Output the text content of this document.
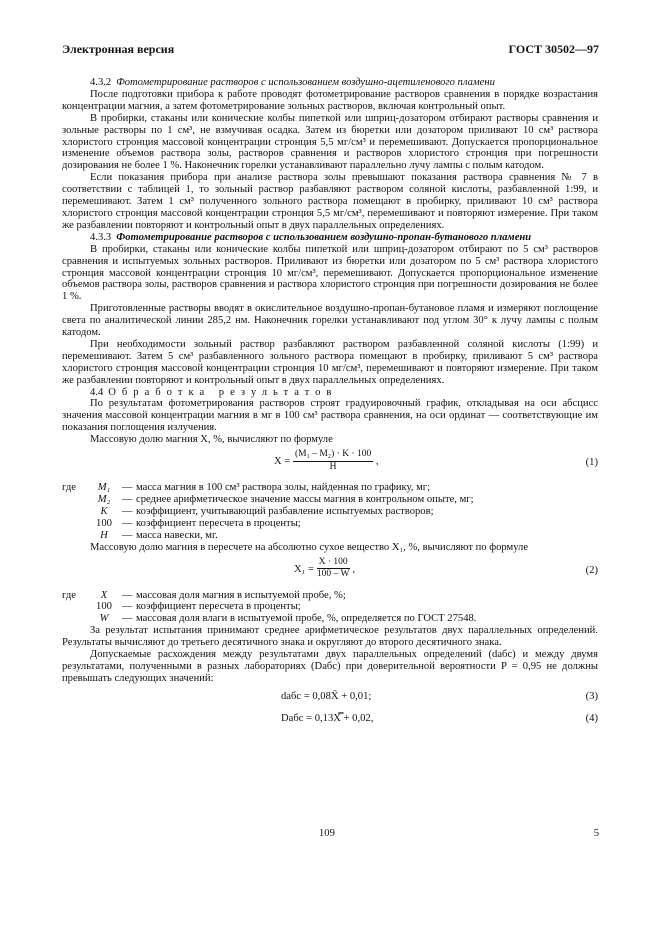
Электронная версия	ГОСТ 30502—97

4.3.2 Фотометрирование растворов с использованием воздушно-ацетиленового пламени

После подготовки прибора к работе проводят фотометрирование растворов сравнения в порядке возрастания концентрации магния, а затем фотометрирование зольных растворов, включая контрольный опыт.

В пробирки, стаканы или конические колбы пипеткой или шприц-дозатором отбирают растворы сравнения и зольные растворы по 1 см³, не взмучивая осадка. Затем из бюретки или дозатором приливают 10 см³ раствора хлористого стронция массовой концентрации стронция 5,5 мг/см³ и перемешивают. Допускается пропорциональное изменение объемов раствора золы, растворов сравнения и растворов хлористого стронция при погрешности дозирования не более 1 %. Наконечник горелки устанавливают параллельно лучу лампы с полым катодом.

Если показания прибора при анализе раствора золы превышают показания раствора сравнения № 7 в соответствии с таблицей 1, то зольный раствор разбавляют раствором соляной кислоты, разбавленной 1:99, и перемешивают. Затем 1 см³ полученного зольного раствора помещают в пробирку, приливают 10 см³ раствора хлористого стронция массовой концентрации стронция 5,5 мг/см³, перемешивают и повторяют измерение. При таком же разбавлении повторяют и контрольный опыт в двух параллельных определениях.

4.3.3 Фотометрирование растворов с использованием воздушно-пропан-бутанового пламени

В пробирки, стаканы или конические колбы пипеткой или шприц-дозатором отбирают по 5 см³ растворов сравнения и испытуемых зольных растворов. Приливают из бюретки или дозатором по 5 см³ раствора хлористого стронция массовой концентрации стронция 10 мг/см³, перемешивают. Допускается пропорциональное изменение объемов раствора золы, растворов сравнения и раствора хлористого стронция при погрешности дозирования не более 1 %.

Приготовленные растворы вводят в окислительное воздушно-пропан-бутановое пламя и измеряют поглощение света по аналитической линии 285,2 нм. Наконечник горелки устанавливают под углом 30° к лучу лампы с полым катодом.

При необходимости зольный раствор разбавляют раствором разбавленной соляной кислоты (1:99) и перемешивают. Затем 5 см³ разбавленного зольного раствора помещают в пробирку, приливают 5 см³ раствора хлористого стронция массовой концентрации стронция 10 мг/см³, перемешивают и повторяют измерение. При таком же разбавлении повторяют и контрольный опыт в двух параллельных определениях.

4.4 Обработка результатов

По результатам фотометрирования растворов строят градуировочный график, откладывая на оси абсцисс значения массовой концентрации магния в мг в 100 см³ раствора сравнения, на оси ординат — соответствующие им показания поглощения излучения.

Массовую долю магния X, %, вычисляют по формуле

$X = \frac{\text{(M₁ – M₂) · K · 100}}{H}$ ,	(1)
где	M₁	—	масса магния в 100 см³ раствора золы, найденная по графику, мг;
	M₂	—	среднее арифметическое значение массы магния в контрольном опыте, мг;
	K	—	коэффициент, учитывающий разбавление испытуемых растворов;
	100	—	коэффициент пересчета в проценты;
	H	—	масса навески, мг.

Массовую долю магния в пересчете на абсолютно сухое вещество X₁, %, вычисляют по формуле

$X_1 = \frac{X \cdot 100}{100 - W}$ ,	(2)
где	X	—	массовая доля магния в испытуемой пробе, %;
	100	—	коэффициент пересчета в проценты;
	W	—	массовая доля влаги в испытуемой пробе, %, определяется по ГОСТ 27548.

За результат испытания принимают среднее арифметическое результатов двух параллельных определений. Результаты вычисляют до третьего десятичного знака и округляют до второго десятичного знака.

Допускаемые расхождения между результатами двух параллельных определений (dабс) и между двумя результатами, полученными в разных лабораториях (Dабс) при доверительной вероятности P = 0,95 не должны превышать следующих значений:

dабс = 0,08X̄ + 0,01;	(3)
Dабс = 0,13X̿ + 0,02,	(4)
109	5
